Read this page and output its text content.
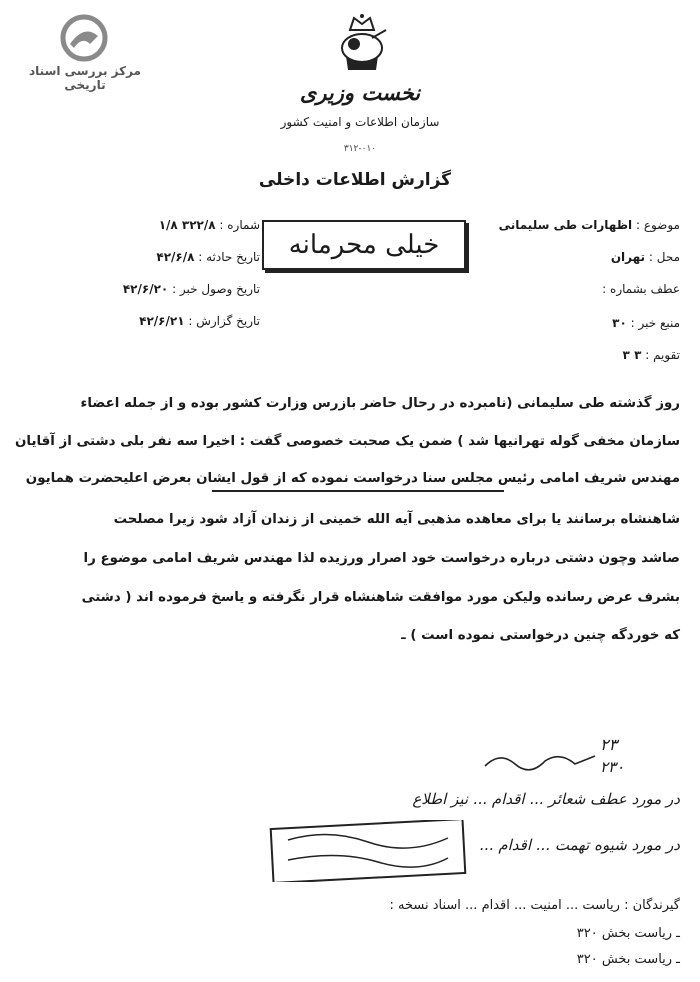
مرکز بررسی اسناد تاریخی	نخست وزیری
سازمان اطلاعات و امنیت کشور
۳۱۲-۰۱۰
گزارش اطلاعات داخلی
خیلی محرمانه
شماره : ۳۲۲/۸ ۱/۸
تاریخ حادثه : ۴۲/۶/۸
تاریخ وصول خبر : ۴۲/۶/۲۰
تاریخ گزارش : ۴۲/۶/۲۱
موضوع : اظهارات طی سلیمانی
محل : تهران
عطف بشماره :
منبع خبر : ۳۰
تقویم : ۳ ۳
روز گذشته طی سلیمانی (نامبرده در رحال حاضر بازرس وزارت کشور بوده و از جمله اعضاء
سازمان مخفی گوله تهرانیها شد ) ضمن یک صحبت خصوصی گفت : اخیرا سه نفر بلی دشتی از آقایان
مهندس شریف امامی رئیس مجلس سنا درخواست نموده که از قول ایشان بعرض اعلیحضرت همایون
شاهنشاه برسانند یا برای معاهده مذهبی آیه الله خمینی از زندان آزاد شود زیرا مصلحت
صاشد وچون دشتی درباره درخواست خود اصرار ورزیده لذا مهندس شریف امامی موضوع را
بشرف عرض رسانده ولیکن مورد موافقت شاهنشاه قرار نگرفته و یاسخ فرموده اند ( دشتی
که خوردگه چنین درخواستی نموده است ) ـ
۲۳
۲۳۰
در مورد عطف شعائر ... اقدام ... نیز اطلاع
در مورد شیوه تهمت ... اقدام ...
گیرندگان : ریاست ... امنیت ... اقدام ... اسناد نسخه :
ـ ریاست بخش ۳۲۰
ـ ریاست بخش ۳۲۰
